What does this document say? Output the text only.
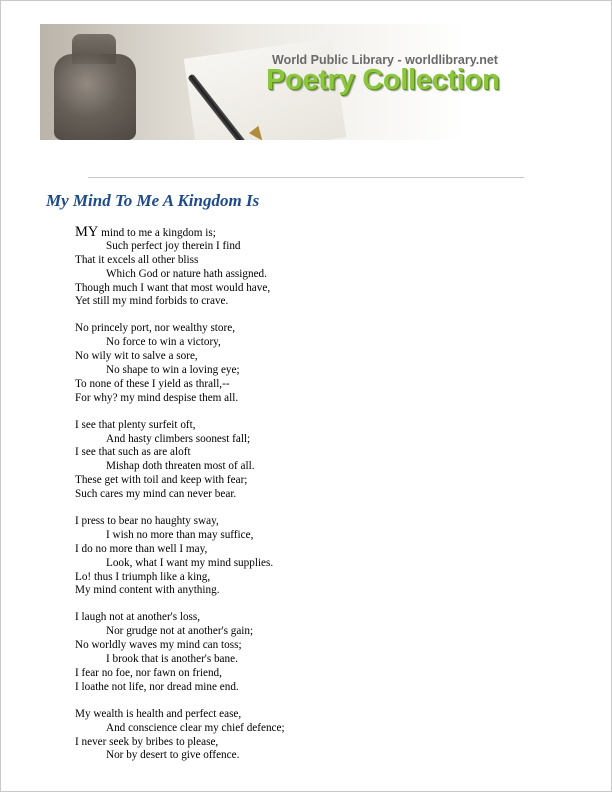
World Public Library - worldlibrary.net
Poetry Collection
My Mind To Me A Kingdom Is
MY mind to me a kingdom is;
Such perfect joy therein I find
That it excels all other bliss
Which God or nature hath assigned.
Though much I want that most would have,
Yet still my mind forbids to crave.
No princely port, nor wealthy store,
No force to win a victory,
No wily wit to salve a sore,
No shape to win a loving eye;
To none of these I yield as thrall,--
For why? my mind despise them all.
I see that plenty surfeit oft,
And hasty climbers soonest fall;
I see that such as are aloft
Mishap doth threaten most of all.
These get with toil and keep with fear;
Such cares my mind can never bear.
I press to bear no haughty sway,
I wish no more than may suffice,
I do no more than well I may,
Look, what I want my mind supplies.
Lo! thus I triumph like a king,
My mind content with anything.
I laugh not at another's loss,
Nor grudge not at another's gain;
No worldly waves my mind can toss;
I brook that is another's bane.
I fear no foe, nor fawn on friend,
I loathe not life, nor dread mine end.
My wealth is health and perfect ease,
And conscience clear my chief defence;
I never seek by bribes to please,
Nor by desert to give offence.
